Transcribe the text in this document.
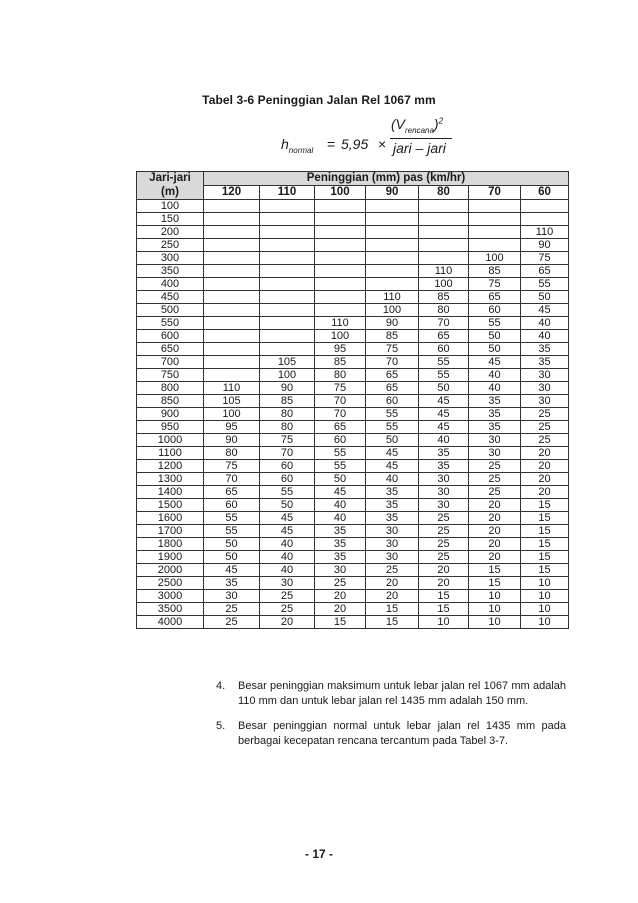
Tabel 3-6 Peninggian Jalan Rel 1067 mm
$h_{normal} = 5,95$ ×
$(V_{rencana})^2$
jari – jari
Jari-jari	Peninggian (mm) pas (km/hr)						
(m)	120	110	100	90	80	70	60
100							
150							
200							110
250							90
300						100	75
350					110	85	65
400					100	75	55
450				110	85	65	50
500				100	80	60	45
550			110	90	70	55	40
600			100	85	65	50	40
650			95	75	60	50	35
700		105	85	70	55	45	35
750		100	80	65	55	40	30
800	110	90	75	65	50	40	30
850	105	85	70	60	45	35	30
900	100	80	70	55	45	35	25
950	95	80	65	55	45	35	25
1000	90	75	60	50	40	30	25
1100	80	70	55	45	35	30	20
1200	75	60	55	45	35	25	20
1300	70	60	50	40	30	25	20
1400	65	55	45	35	30	25	20
1500	60	50	40	35	30	20	15
1600	55	45	40	35	25	20	15
1700	55	45	35	30	25	20	15
1800	50	40	35	30	25	20	15
1900	50	40	35	30	25	20	15
2000	45	40	30	25	20	15	15
2500	35	30	25	20	20	15	10
3000	30	25	20	20	15	10	10
3500	25	25	20	15	15	10	10
4000	25	20	15	15	10	10	10
4. Besar peninggian maksimum untuk lebar jalan rel 1067 mm adalah 110 mm dan untuk lebar jalan rel 1435 mm adalah 150 mm.
5. Besar peninggian normal untuk lebar jalan rel 1435 mm pada berbagai kecepatan rencana tercantum pada Tabel 3-7.
- 17 -
